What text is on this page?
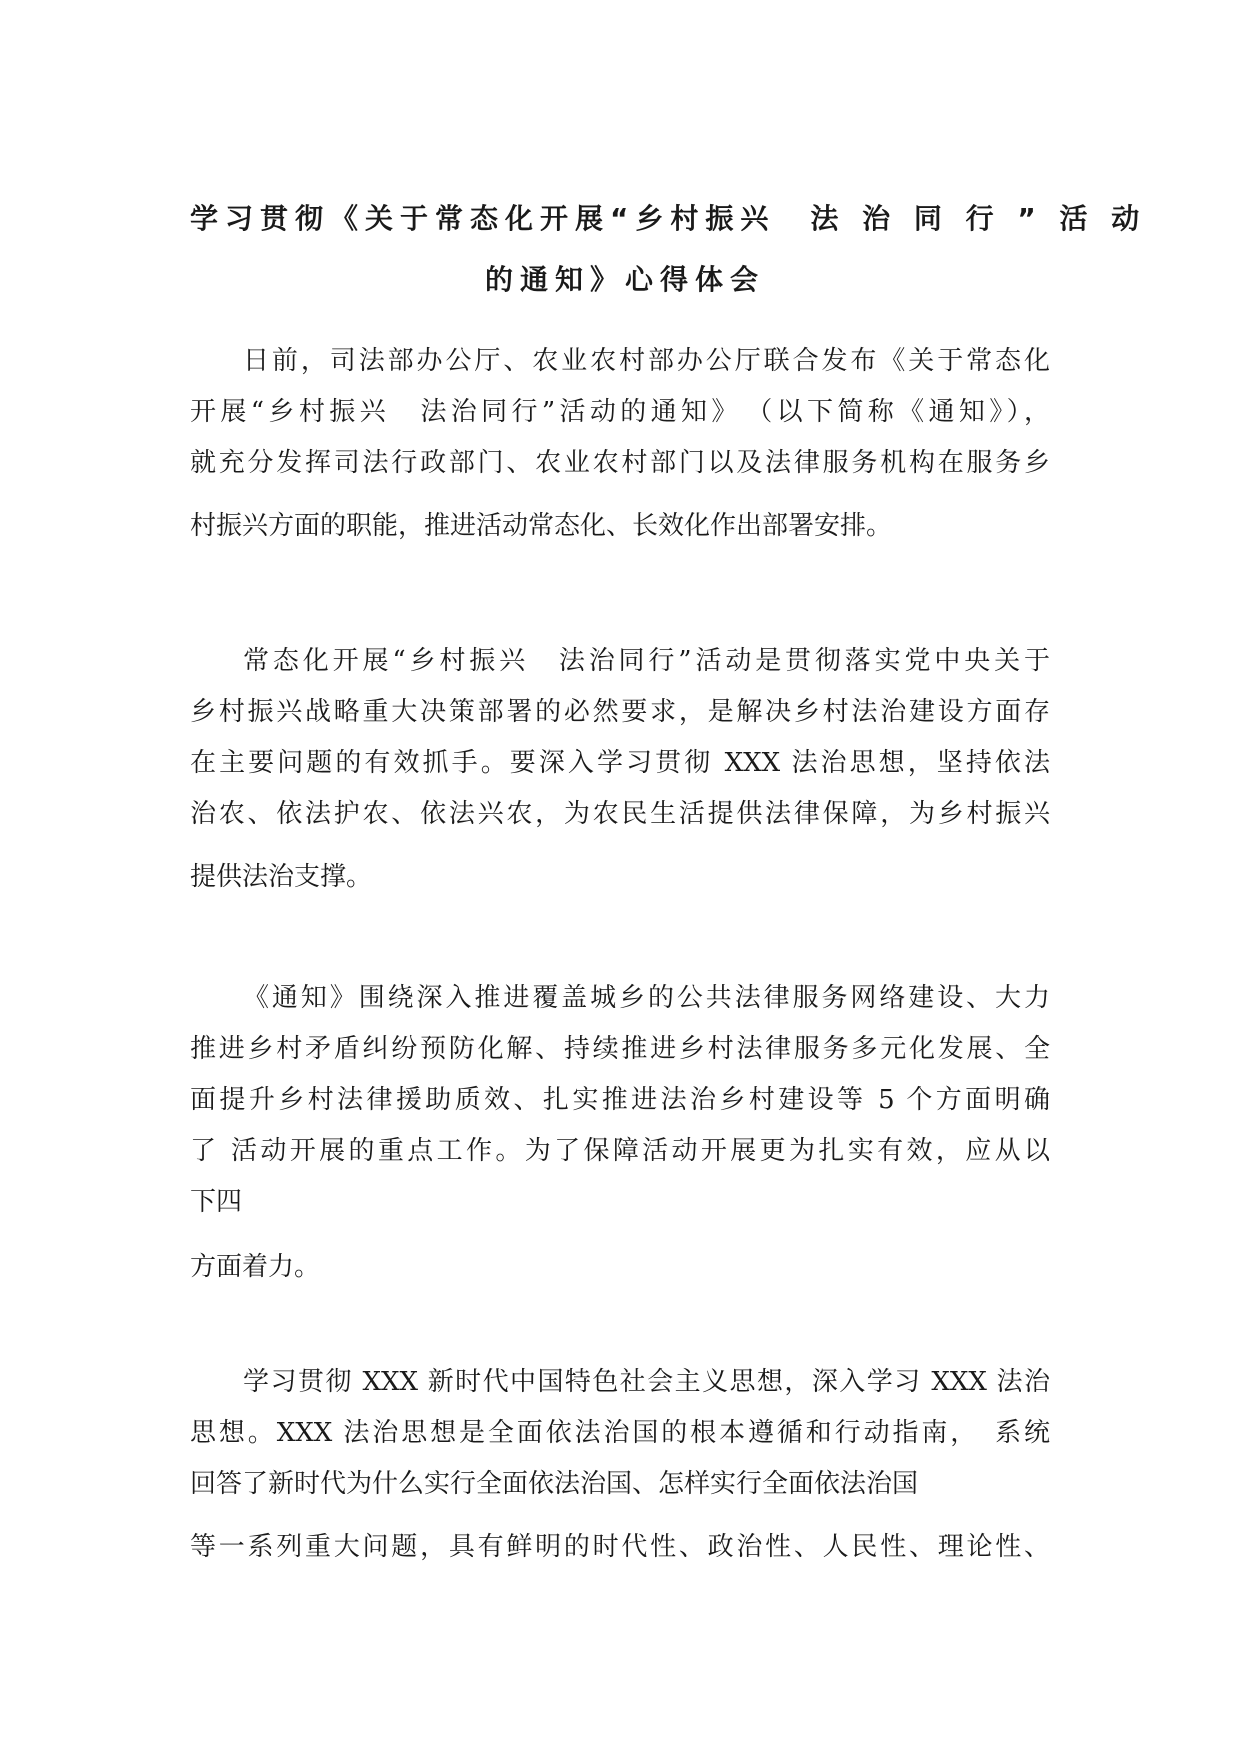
学习贯彻《关于常态化开展“乡村振兴　法 治 同 行 ” 活 动
的通知》心得体会
日前，司法部办公厅、农业农村部办公厅联合发布《关于常态化
开展“乡村振兴　法治同行”活动的通知》　（以下简称《通知》），
就充分发挥司法行政部门、农业农村部门以及法律服务机构在服务乡
村振兴方面的职能，推进活动常态化、长效化作出部署安排。
常态化开展“乡村振兴　法治同行”活动是贯彻落实党中央关于
乡村振兴战略重大决策部署的必然要求，是解决乡村法治建设方面存
在主要问题的有效抓手。要深入学习贯彻 XXX 法治思想，坚持依法
治农、依法护农、依法兴农，为农民生活提供法律保障，为乡村振兴
提供法治支撑。
《通知》围绕深入推进覆盖城乡的公共法律服务网络建设、大力
推进乡村矛盾纠纷预防化解、持续推进乡村法律服务多元化发展、全
面提升乡村法律援助质效、扎实推进法治乡村建设等 5 个方面明确
了 活动开展的重点工作。为了保障活动开展更为扎实有效，应从以
下四
方面着力。
学习贯彻 XXX 新时代中国特色社会主义思想，深入学习 XXX 法治
思想。XXX 法治思想是全面依法治国的根本遵循和行动指南，　系统
回答了新时代为什么实行全面依法治国、怎样实行全面依法治国
等一系列重大问题，具有鲜明的时代性、政治性、人民性、理论性、
